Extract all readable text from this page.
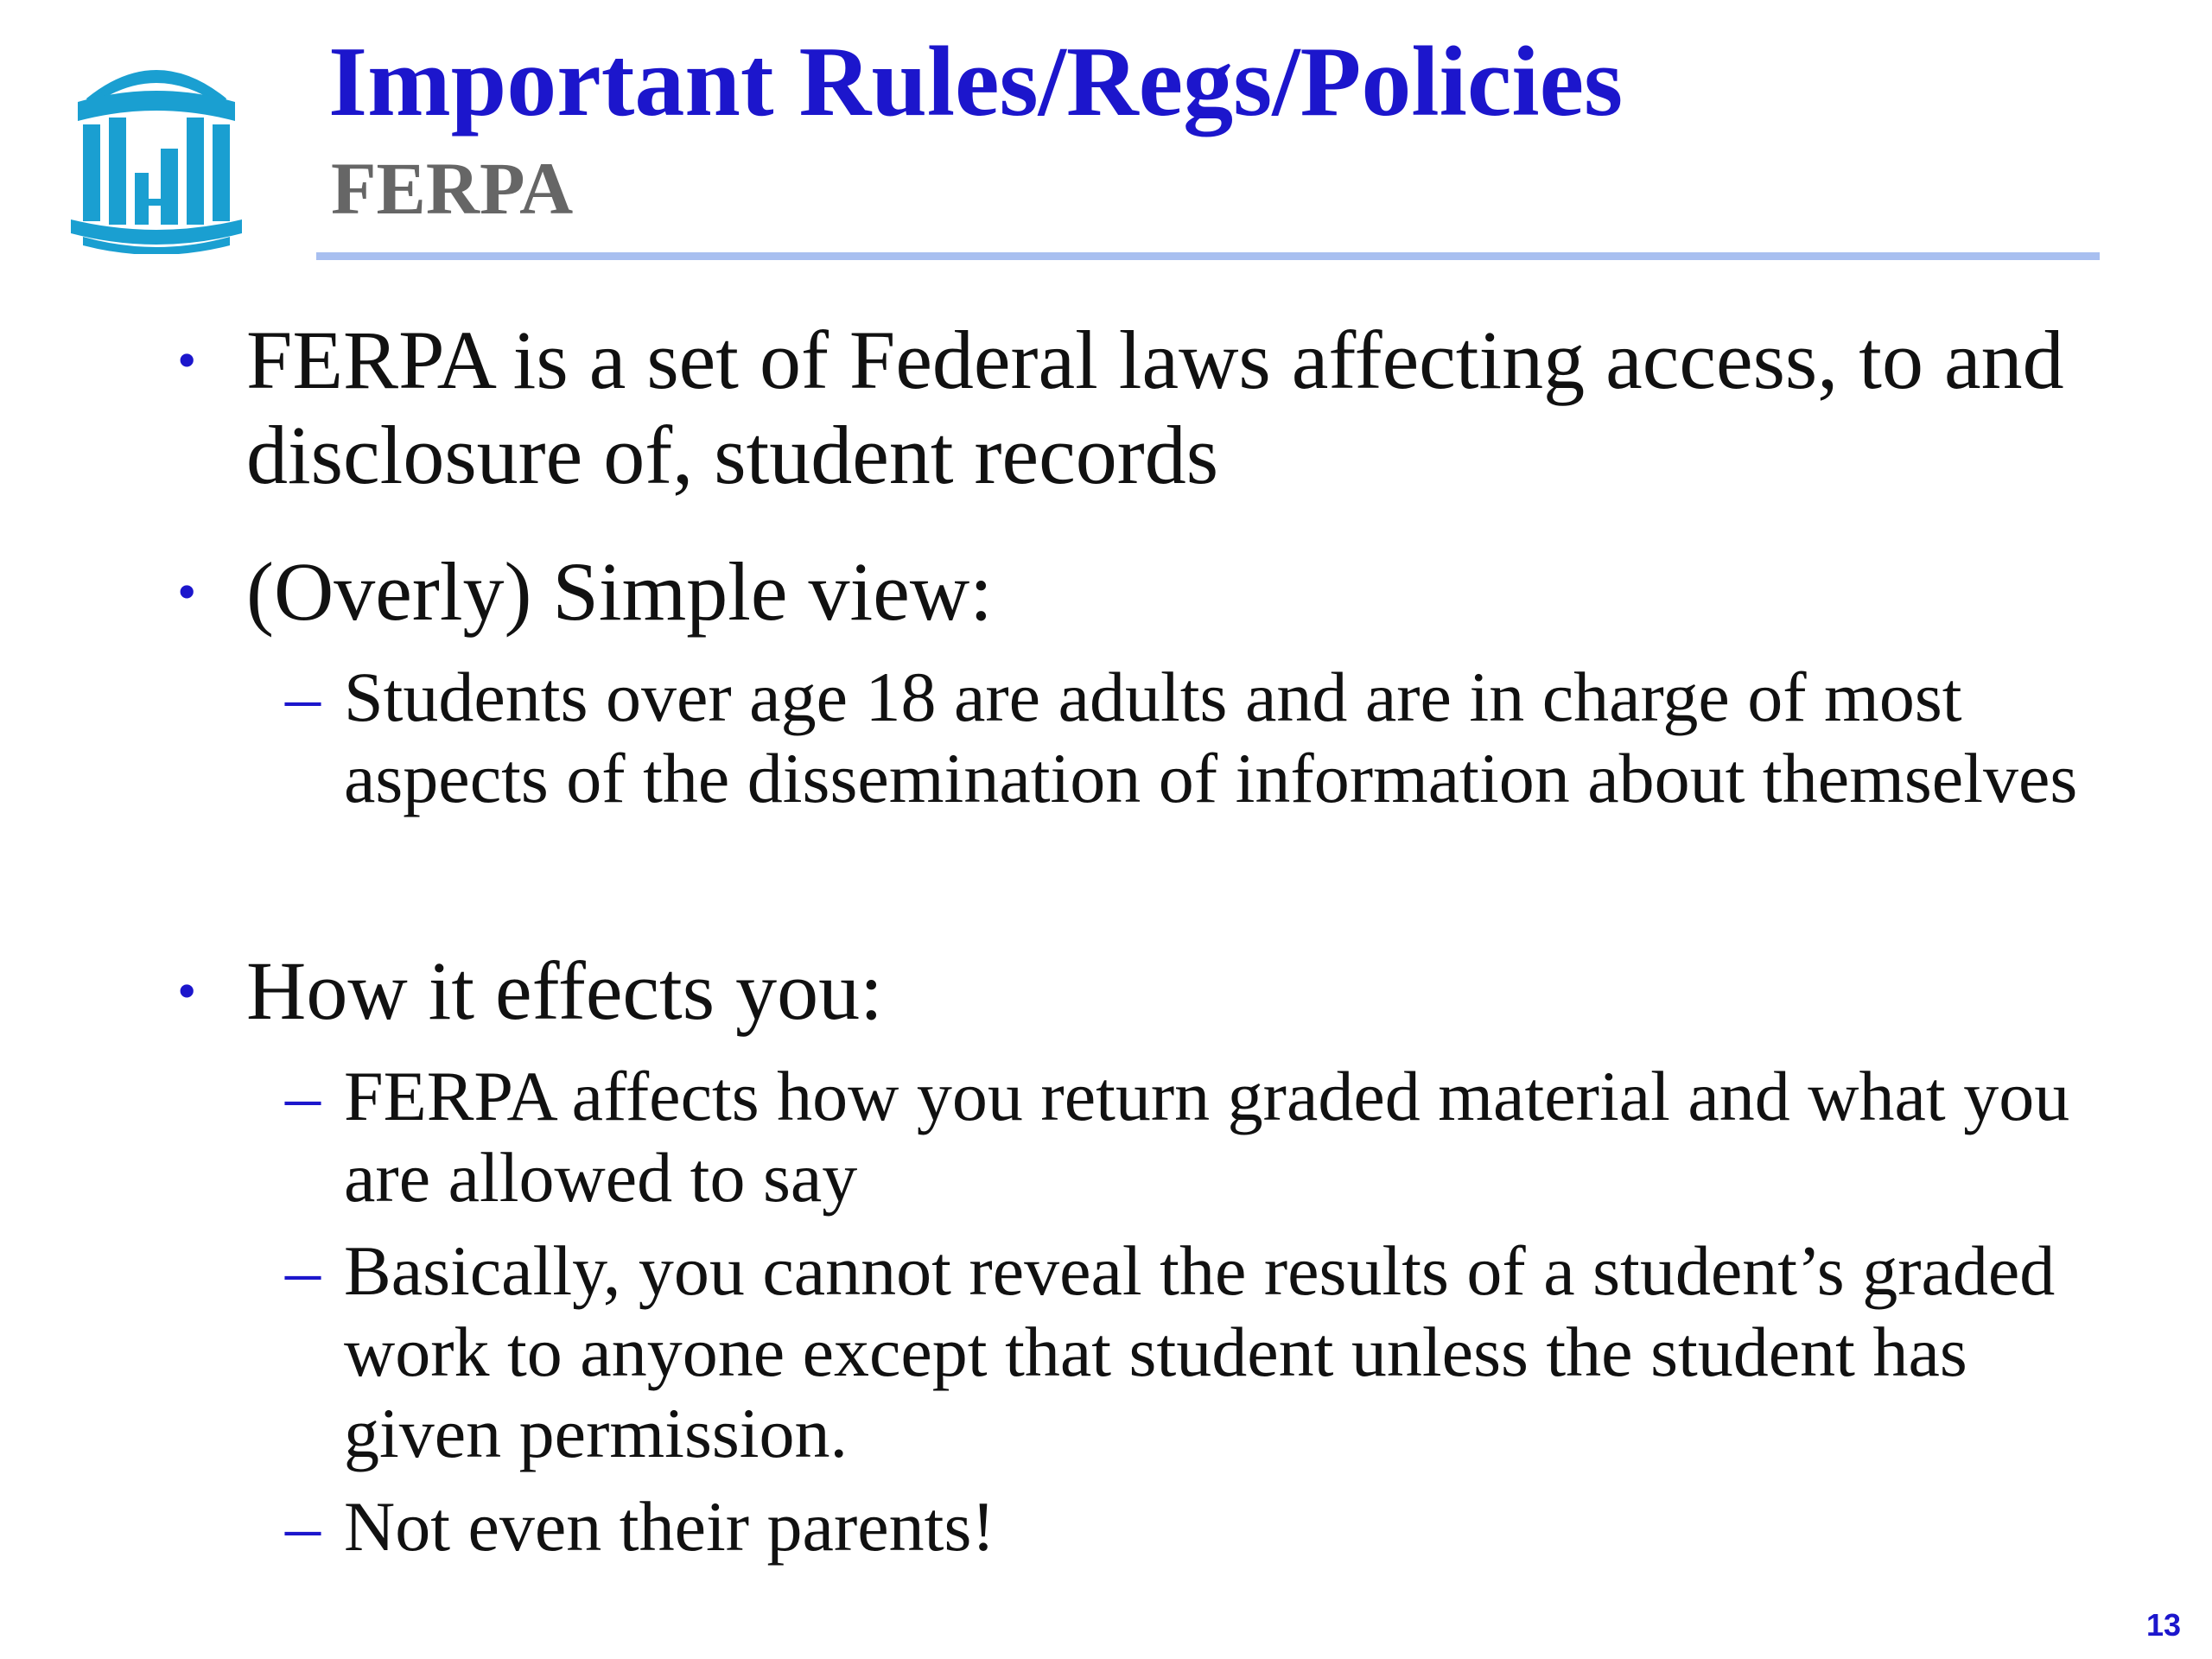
Important Rules/Regs/Policies
FERPA
• FERPA is a set of Federal laws affecting access, to and disclosure of, student records

• (Overly) Simple view:

– Students over age 18 are adults and are in charge of most aspects of the dissemination of information about themselves

• How it effects you:

– FERPA affects how you return graded material and what you are allowed to say

– Basically, you cannot reveal the results of a student’s graded work to anyone except that student unless the student has given permission.

– Not even their parents!

13
